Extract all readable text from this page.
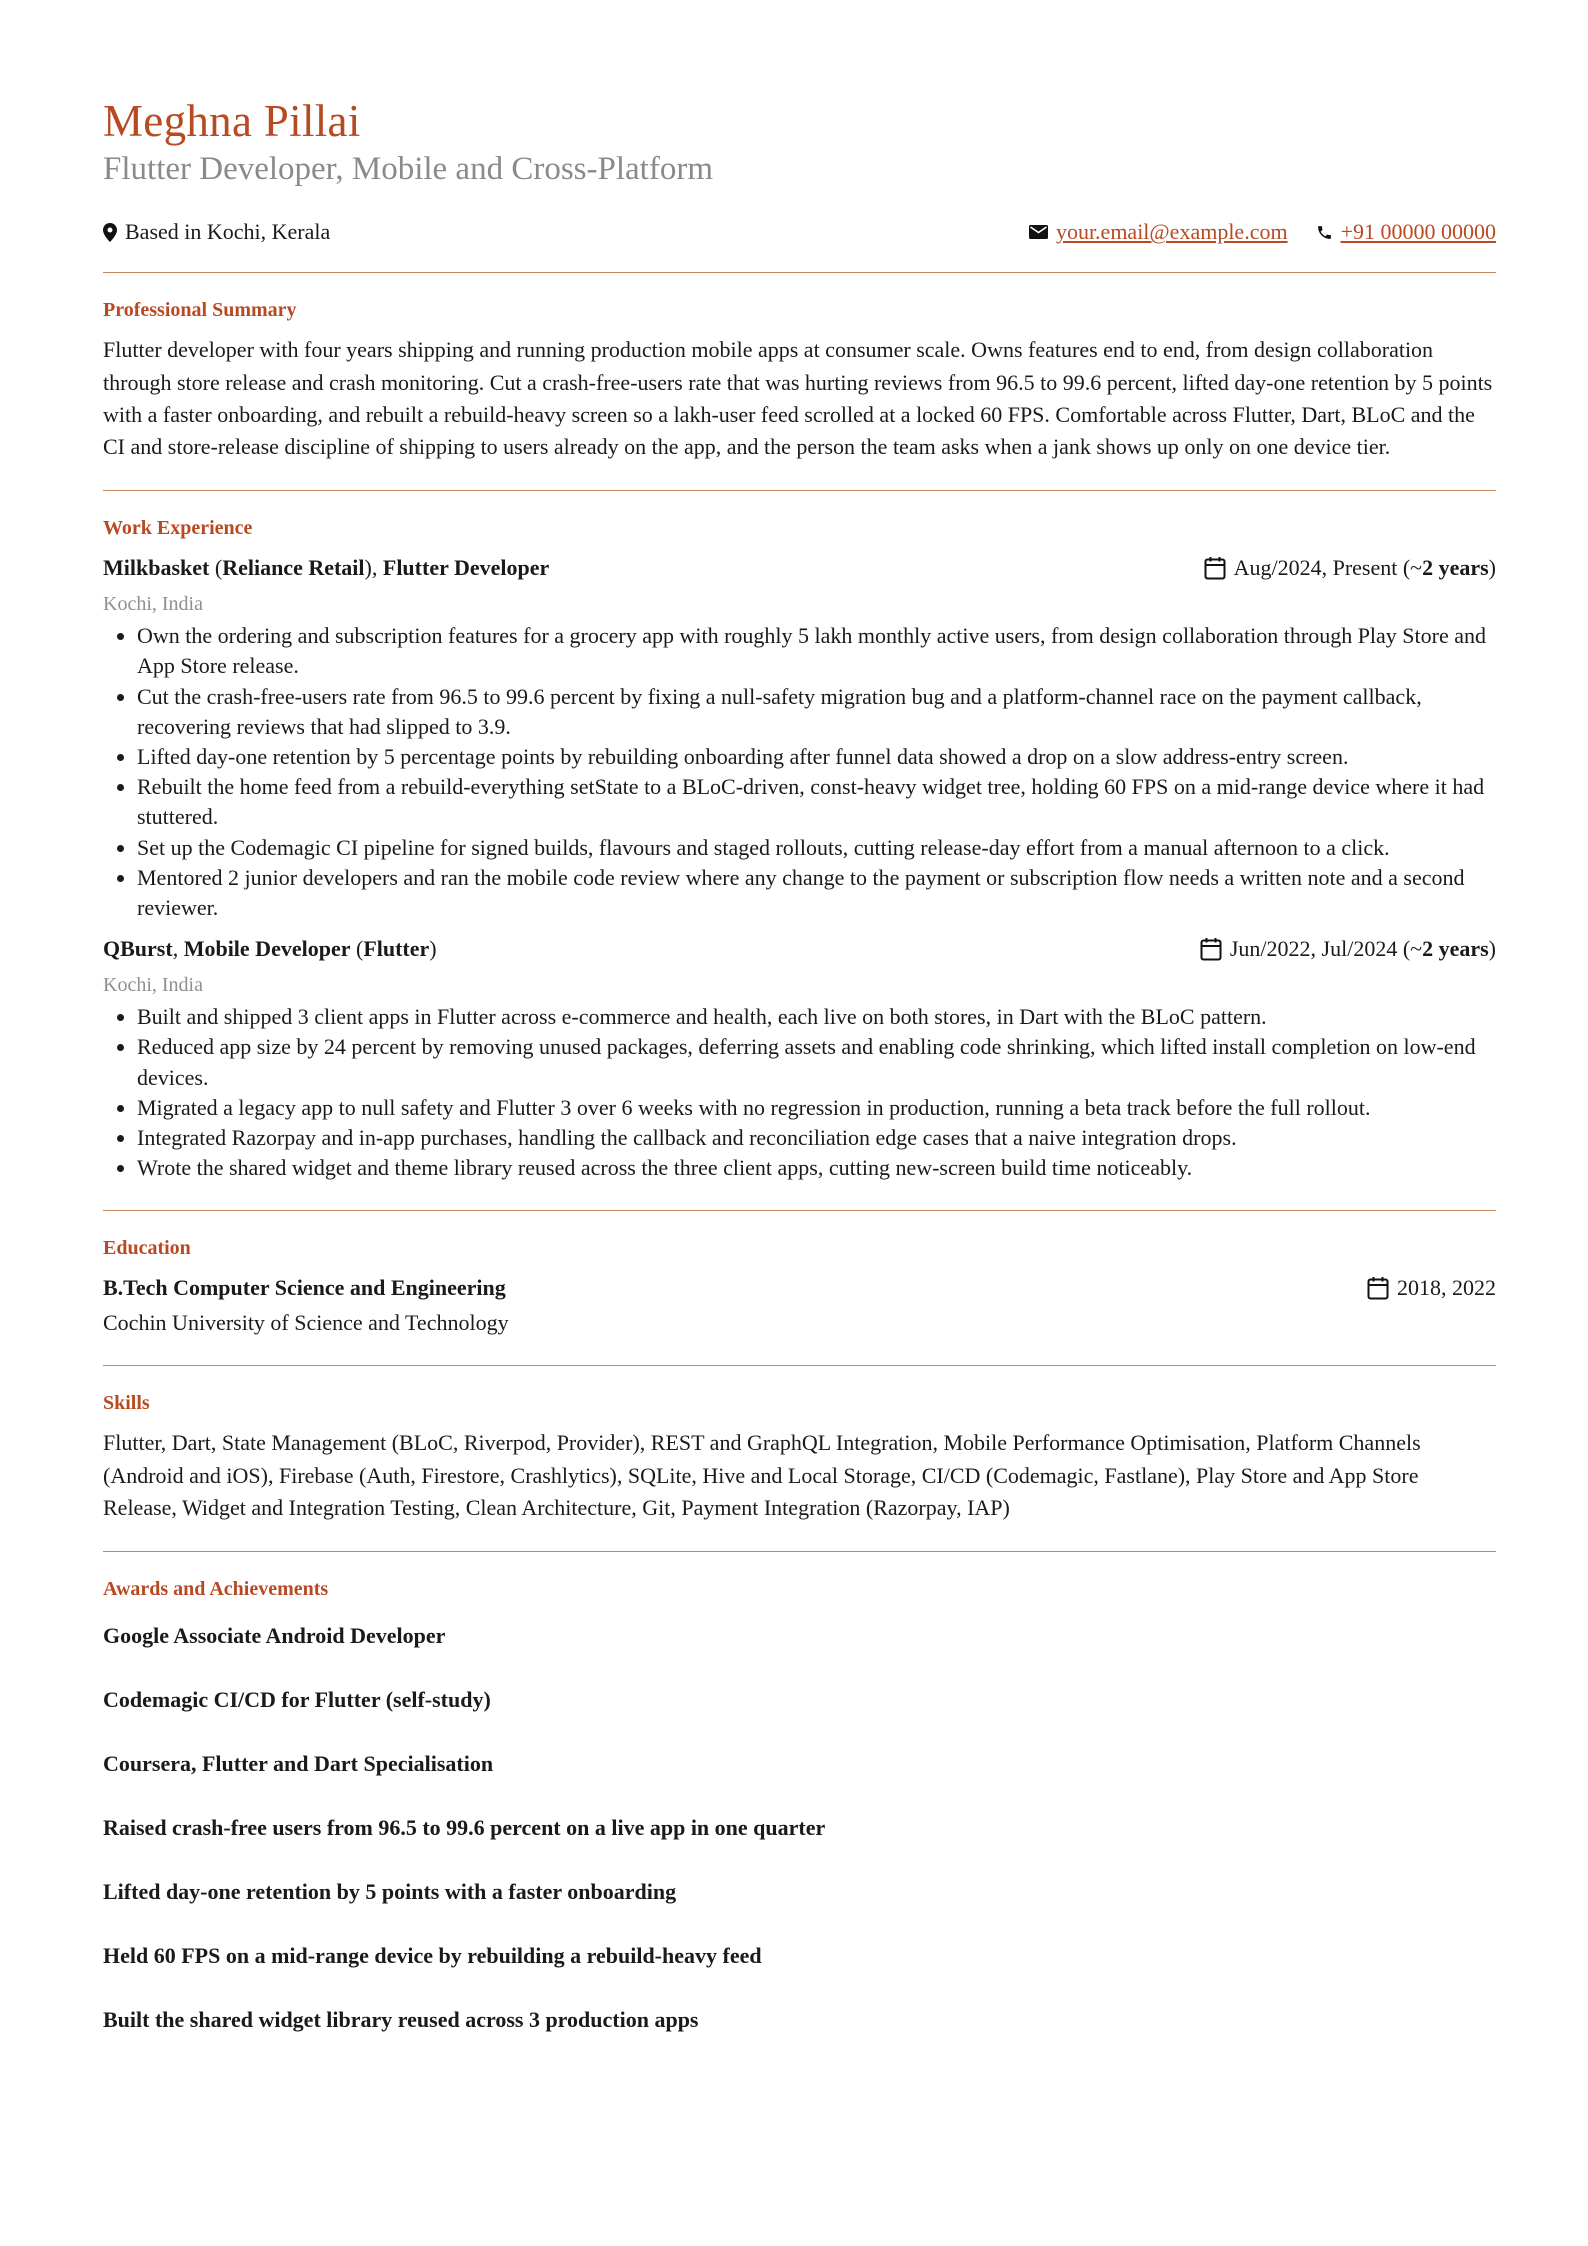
Meghna Pillai
Flutter Developer, Mobile and Cross-Platform
Based in Kochi, Kerala	your.email@example.com +91 00000 00000
Professional Summary

Flutter developer with four years shipping and running production mobile apps at consumer scale. Owns features end to end, from design collaboration through store release and crash monitoring. Cut a crash-free-users rate that was hurting reviews from 96.5 to 99.6 percent, lifted day-one retention by 5 points with a faster onboarding, and rebuilt a rebuild-heavy screen so a lakh-user feed scrolled at a locked 60 FPS. Comfortable across Flutter, Dart, BLoC and the CI and store-release discipline of shipping to users already on the app, and the person the team asks when a jank shows up only on one device tier.

Work Experience
Milkbasket (Reliance Retail), Flutter Developer	Aug/2024, Present (~ 2 years )
Kochi, India
• Own the ordering and subscription features for a grocery app with roughly 5 lakh monthly active users, from design collaboration through Play Store and App Store release.
• Cut the crash-free-users rate from 96.5 to 99.6 percent by fixing a null-safety migration bug and a platform-channel race on the payment callback, recovering reviews that had slipped to 3.9.
• Lifted day-one retention by 5 percentage points by rebuilding onboarding after funnel data showed a drop on a slow address-entry screen.
• Rebuilt the home feed from a rebuild-everything setState to a BLoC-driven, const-heavy widget tree, holding 60 FPS on a mid-range device where it had stuttered.
• Set up the Codemagic CI pipeline for signed builds, flavours and staged rollouts, cutting release-day effort from a manual afternoon to a click.
• Mentored 2 junior developers and ran the mobile code review where any change to the payment or subscription flow needs a written note and a second reviewer.
QBurst, Mobile Developer (Flutter)	Jun/2022, Jul/2024 (~ 2 years )
Kochi, India
• Built and shipped 3 client apps in Flutter across e-commerce and health, each live on both stores, in Dart with the BLoC pattern.
• Reduced app size by 24 percent by removing unused packages, deferring assets and enabling code shrinking, which lifted install completion on low-end devices.
• Migrated a legacy app to null safety and Flutter 3 over 6 weeks with no regression in production, running a beta track before the full rollout.
• Integrated Razorpay and in-app purchases, handling the callback and reconciliation edge cases that a naive integration drops.
• Wrote the shared widget and theme library reused across the three client apps, cutting new-screen build time noticeably.
Education
B.Tech Computer Science and Engineering	2018, 2022
Cochin University of Science and Technology
Skills

Flutter, Dart, State Management (BLoC, Riverpod, Provider), REST and GraphQL Integration, Mobile Performance Optimisation, Platform Channels (Android and iOS), Firebase (Auth, Firestore, Crashlytics), SQLite, Hive and Local Storage, CI/CD (Codemagic, Fastlane), Play Store and App Store Release, Widget and Integration Testing, Clean Architecture, Git, Payment Integration (Razorpay, IAP)

Awards and Achievements
Google Associate Android Developer
Codemagic CI/CD for Flutter (self-study)
Coursera, Flutter and Dart Specialisation
Raised crash-free users from 96.5 to 99.6 percent on a live app in one quarter
Lifted day-one retention by 5 points with a faster onboarding
Held 60 FPS on a mid-range device by rebuilding a rebuild-heavy feed
Built the shared widget library reused across 3 production apps
